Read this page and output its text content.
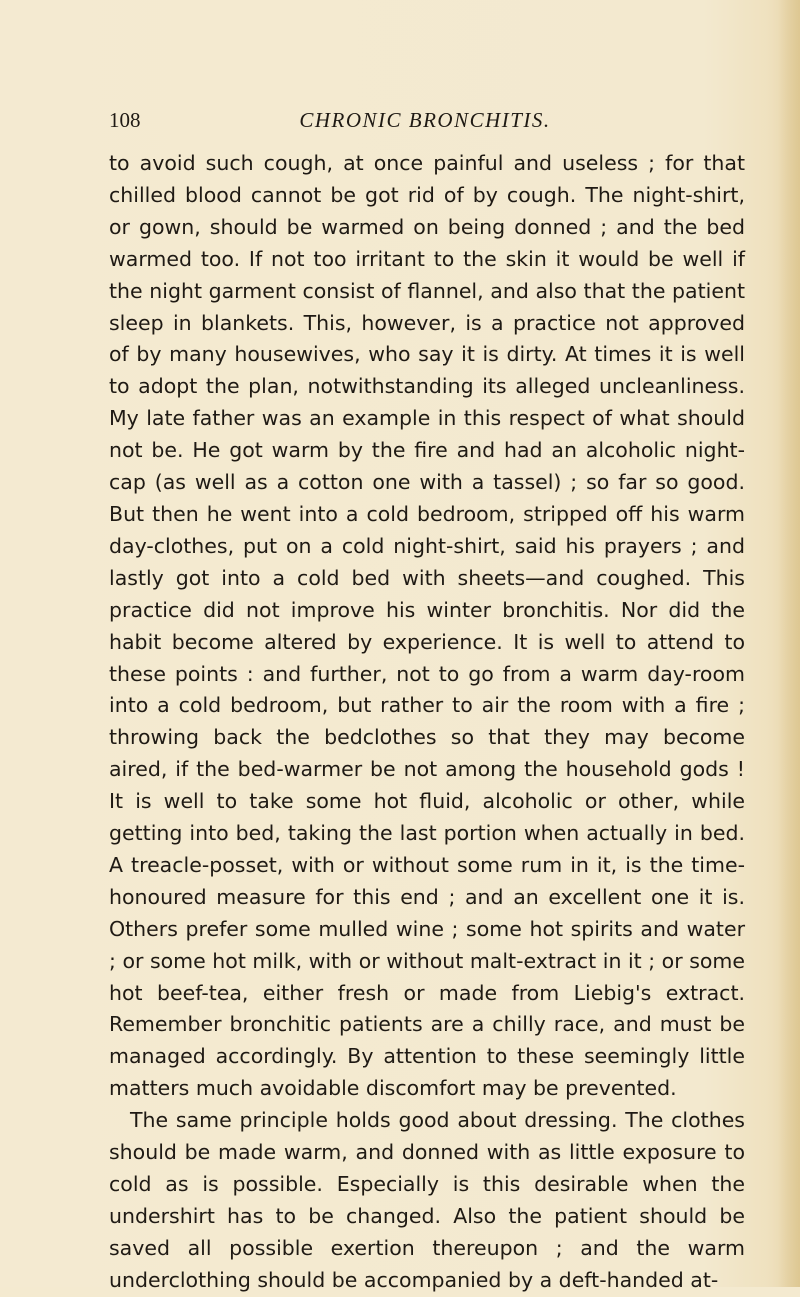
108	CHRONIC BRONCHITIS.

to avoid such cough, at once painful and useless ; for that chilled blood cannot be got rid of by cough. The night-shirt, or gown, should be warmed on being donned ; and the bed warmed too. If not too irritant to the skin it would be well if the night garment consist of flannel, and also that the patient sleep in blankets. This, however, is a practice not approved of by many housewives, who say it is dirty. At times it is well to adopt the plan, notwithstanding its alleged uncleanliness. My late father was an example in this respect of what should not be. He got warm by the fire and had an alcoholic night-cap (as well as a cotton one with a tassel) ; so far so good. But then he went into a cold bedroom, stripped off his warm day-clothes, put on a cold night-shirt, said his prayers ; and lastly got into a cold bed with sheets—and coughed. This practice did not improve his winter bronchitis. Nor did the habit become altered by experience. It is well to attend to these points : and further, not to go from a warm day-room into a cold bedroom, but rather to air the room with a fire ; throwing back the bedclothes so that they may become aired, if the bed-warmer be not among the household gods ! It is well to take some hot fluid, alcoholic or other, while getting into bed, taking the last portion when actually in bed. A treacle-posset, with or without some rum in it, is the time-honoured measure for this end ; and an excellent one it is. Others prefer some mulled wine ; some hot spirits and water ; or some hot milk, with or without malt-extract in it ; or some hot beef-tea, either fresh or made from Liebig's extract. Remember bronchitic patients are a chilly race, and must be managed accordingly. By attention to these seemingly little matters much avoidable discomfort may be prevented.

The same principle holds good about dressing. The clothes should be made warm, and donned with as little exposure to cold as is possible. Especially is this desirable when the undershirt has to be changed. Also the patient should be saved all possible exertion thereupon ; and the warm underclothing should be accompanied by a deft-handed at-
